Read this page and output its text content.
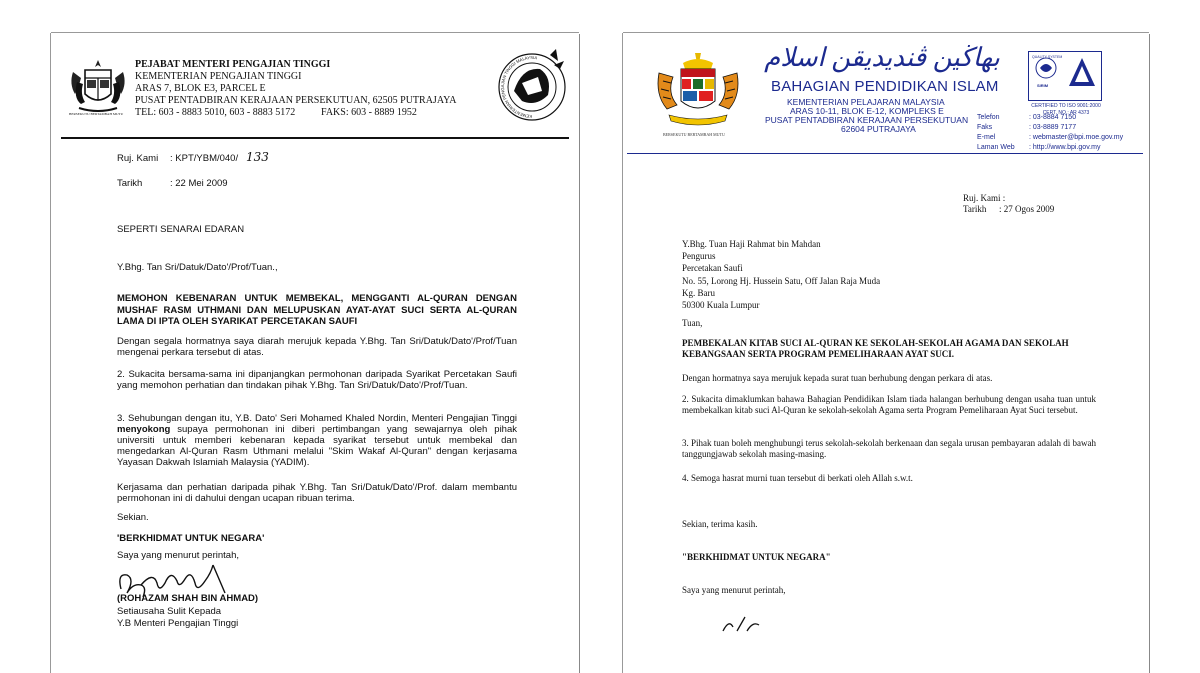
BERSEKUTU BERTAMBAH MUTU
PEJABAT MENTERI PENGAJIAN TINGGI
KEMENTERIAN PENGAJIAN TINGGI
ARAS 7, BLOK E3, PARCEL E
PUSAT PENTADBIRAN KERAJAAN PERSEKUTUAN, 62505 PUTRAJAYA
TEL: 603 - 8883 5010, 603 - 8883 5172	FAKS: 603 - 8889 1952	KEMENTERIAN PENGAJIAN TINGGI MALAYSIA
Ruj. Kami : KPT/YBM/040/ 133
Tarikh	: 22 Mei 2009
SEPERTI SENARAI EDARAN
Y.Bhg. Tan Sri/Datuk/Dato'/Prof/Tuan.,
MEMOHON KEBENARAN UNTUK MEMBEKAL, MENGGANTI AL-QURAN DENGAN MUSHAF RASM UTHMANI DAN MELUPUSKAN AYAT-AYAT SUCI SERTA AL-QURAN LAMA DI IPTA OLEH SYARIKAT PERCETAKAN SAUFI
Dengan segala hormatnya saya diarah merujuk kepada Y.Bhg. Tan Sri/Datuk/Dato'/Prof/Tuan mengenai perkara tersebut di atas.
2. Sukacita bersama-sama ini dipanjangkan permohonan daripada Syarikat Percetakan Saufi yang memohon perhatian dan tindakan pihak Y.Bhg. Tan Sri/Datuk/Dato'/Prof/Tuan.
3. Sehubungan dengan itu, Y.B. Dato' Seri Mohamed Khaled Nordin, Menteri Pengajian Tinggi menyokong supaya permohonan ini diberi pertimbangan yang sewajarnya oleh pihak universiti untuk memberi kebenaran kepada syarikat tersebut untuk membekal dan mengedarkan Al-Quran Rasm Uthmani melalui "Skim Wakaf Al-Quran" dengan kerjasama Yayasan Dakwah Islamiah Malaysia (YADIM).
Kerjasama dan perhatian daripada pihak Y.Bhg. Tan Sri/Datuk/Dato'/Prof. dalam membantu permohonan ini di dahului dengan ucapan ribuan terima.
Sekian.
'BERKHIDMAT UNTUK NEGARA'
Saya yang menurut perintah,
(ROHAZAM SHAH BIN AHMAD)
Setiausaha Sulit Kepada
Y.B Menteri Pengajian Tinggi
BERSEKUTU BERTAMBAH MUTU
بهاڬين ڤنديديقن اسلام
BAHAGIAN PENDIDIKAN ISLAM
KEMENTERIAN PELAJARAN MALAYSIA
ARAS 10-11, BLOK E-12, KOMPLEKS E
PUSAT PENTADBIRAN KERAJAAN PERSEKUTUAN
62604 PUTRAJAYA
QUALITY SYSTEM
SIRIM
CERTIFIED TO ISO 9001:2000
CERT. NO.: AR 4373
Telefon	: 03-8884 7150
Faks	: 03-8889 7177
E-mel	: webmaster@bpi.moe.gov.my
Laman Web	: http://www.bpi.gov.my
Ruj. Kami :
Tarikh : 27 Ogos 2009
Y.Bhg. Tuan Haji Rahmat bin Mahdan
Pengurus
Percetakan Saufi
No. 55, Lorong Hj. Hussein Satu, Off Jalan Raja Muda
Kg. Baru
50300 Kuala Lumpur
Tuan,
PEMBEKALAN KITAB SUCI AL-QURAN KE SEKOLAH-SEKOLAH AGAMA DAN SEKOLAH
KEBANGSAAN SERTA PROGRAM PEMELIHARAAN AYAT SUCI.
Dengan hormatnya saya merujuk kepada surat tuan berhubung dengan perkara di atas.
2. Sukacita dimaklumkan bahawa Bahagian Pendidikan Islam tiada halangan berhubung dengan usaha tuan untuk membekalkan kitab suci Al-Quran ke sekolah-sekolah Agama serta Program Pemeliharaan Ayat Suci tersebut.
3. Pihak tuan boleh menghubungi terus sekolah-sekolah berkenaan dan segala urusan pembayaran adalah di bawah tanggungjawab sekolah masing-masing.
4. Semoga hasrat murni tuan tersebut di berkati oleh Allah s.w.t.
Sekian, terima kasih.
"BERKHIDMAT UNTUK NEGARA"
Saya yang menurut perintah,
